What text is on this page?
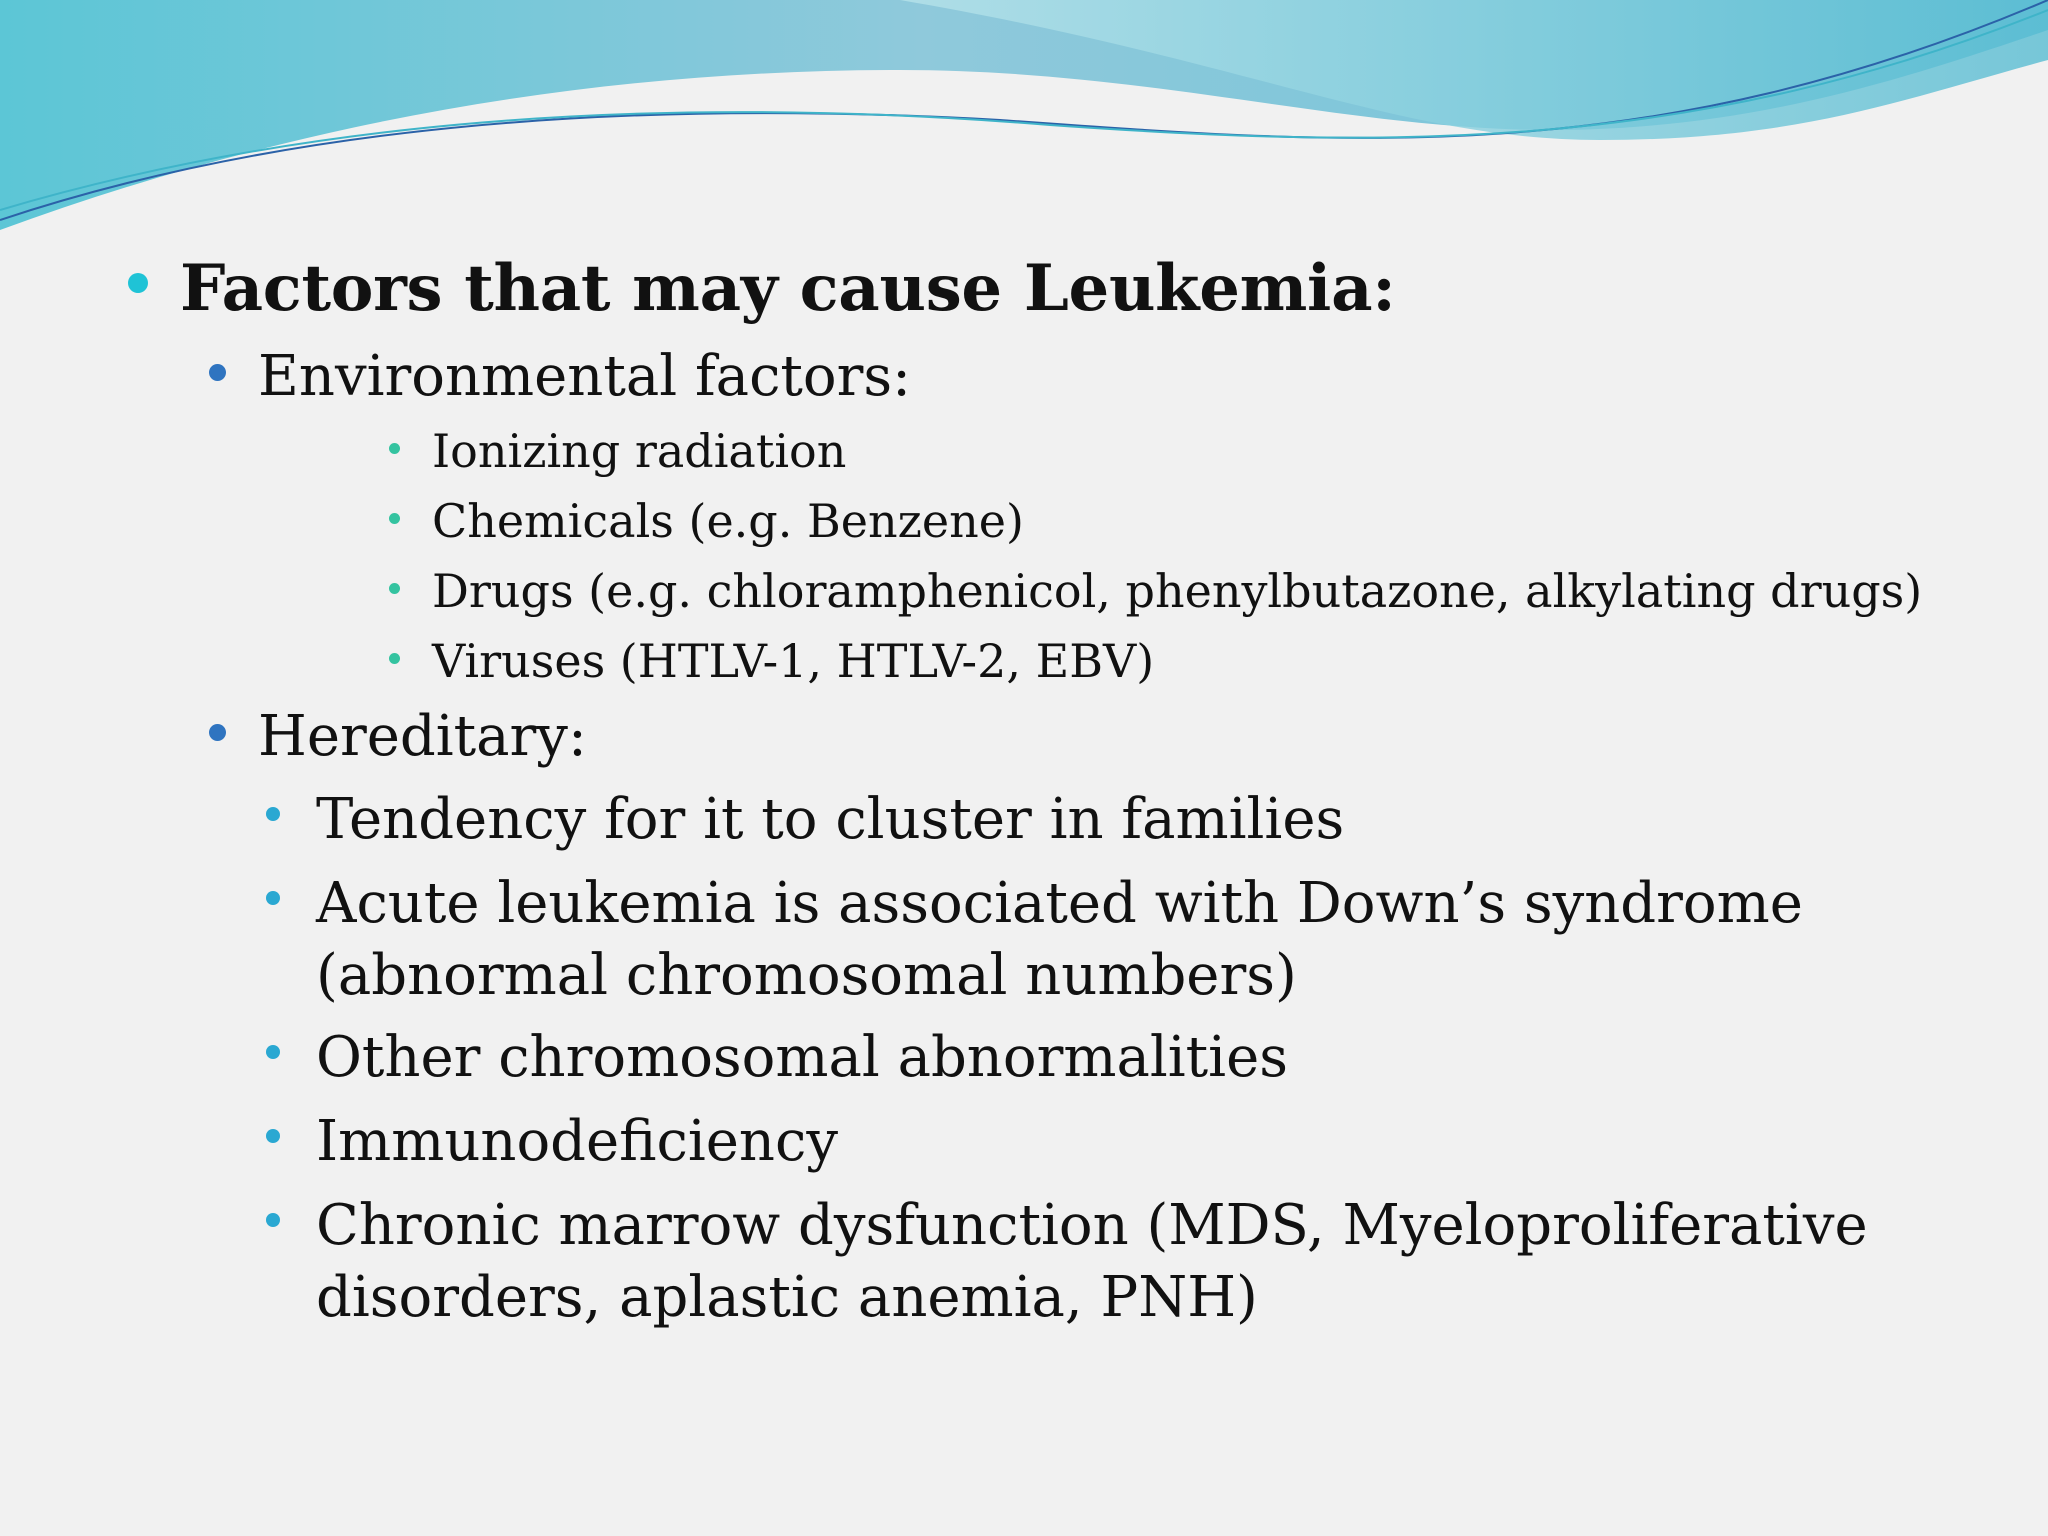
Factors that may cause Leukemia:
Environmental factors:
Ionizing radiation
Chemicals (e.g. Benzene)
Drugs (e.g. chloramphenicol, phenylbutazone, alkylating drugs)
Viruses (HTLV-1, HTLV-2, EBV)
Hereditary:
Tendency for it to cluster in families
Acute leukemia is associated with Down’s syndrome
(abnormal chromosomal numbers)
Other chromosomal abnormalities
Immunodeficiency
Chronic marrow dysfunction (MDS, Myeloproliferative
disorders, aplastic anemia, PNH)
